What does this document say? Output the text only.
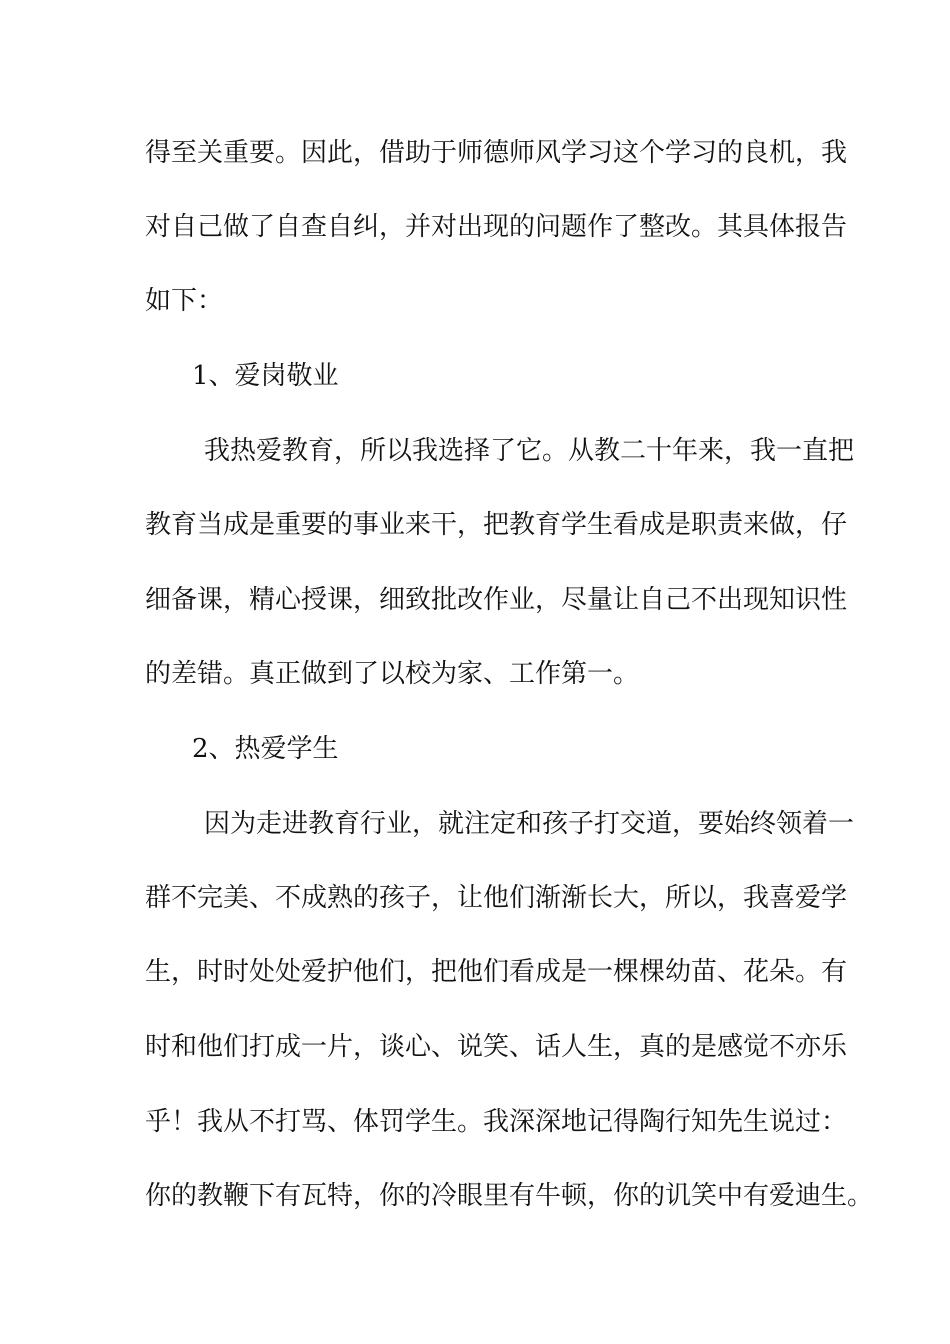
得至关重要。因此，借助于师德师风学习这个学习的良机，我
对自己做了自查自纠，并对出现的问题作了整改。其具体报告
如下：
1、爱岗敬业
我热爱教育，所以我选择了它。从教二十年来，我一直把
教育当成是重要的事业来干，把教育学生看成是职责来做，仔
细备课，精心授课，细致批改作业，尽量让自己不出现知识性
的差错。真正做到了以校为家、工作第一。
2、热爱学生
因为走进教育行业，就注定和孩子打交道，要始终领着一
群不完美、不成熟的孩子，让他们渐渐长大，所以，我喜爱学
生，时时处处爱护他们，把他们看成是一棵棵幼苗、花朵。有
时和他们打成一片，谈心、说笑、话人生，真的是感觉不亦乐
乎！我从不打骂、体罚学生。我深深地记得陶行知先生说过：
你的教鞭下有瓦特，你的冷眼里有牛顿，你的讥笑中有爱迪生。
